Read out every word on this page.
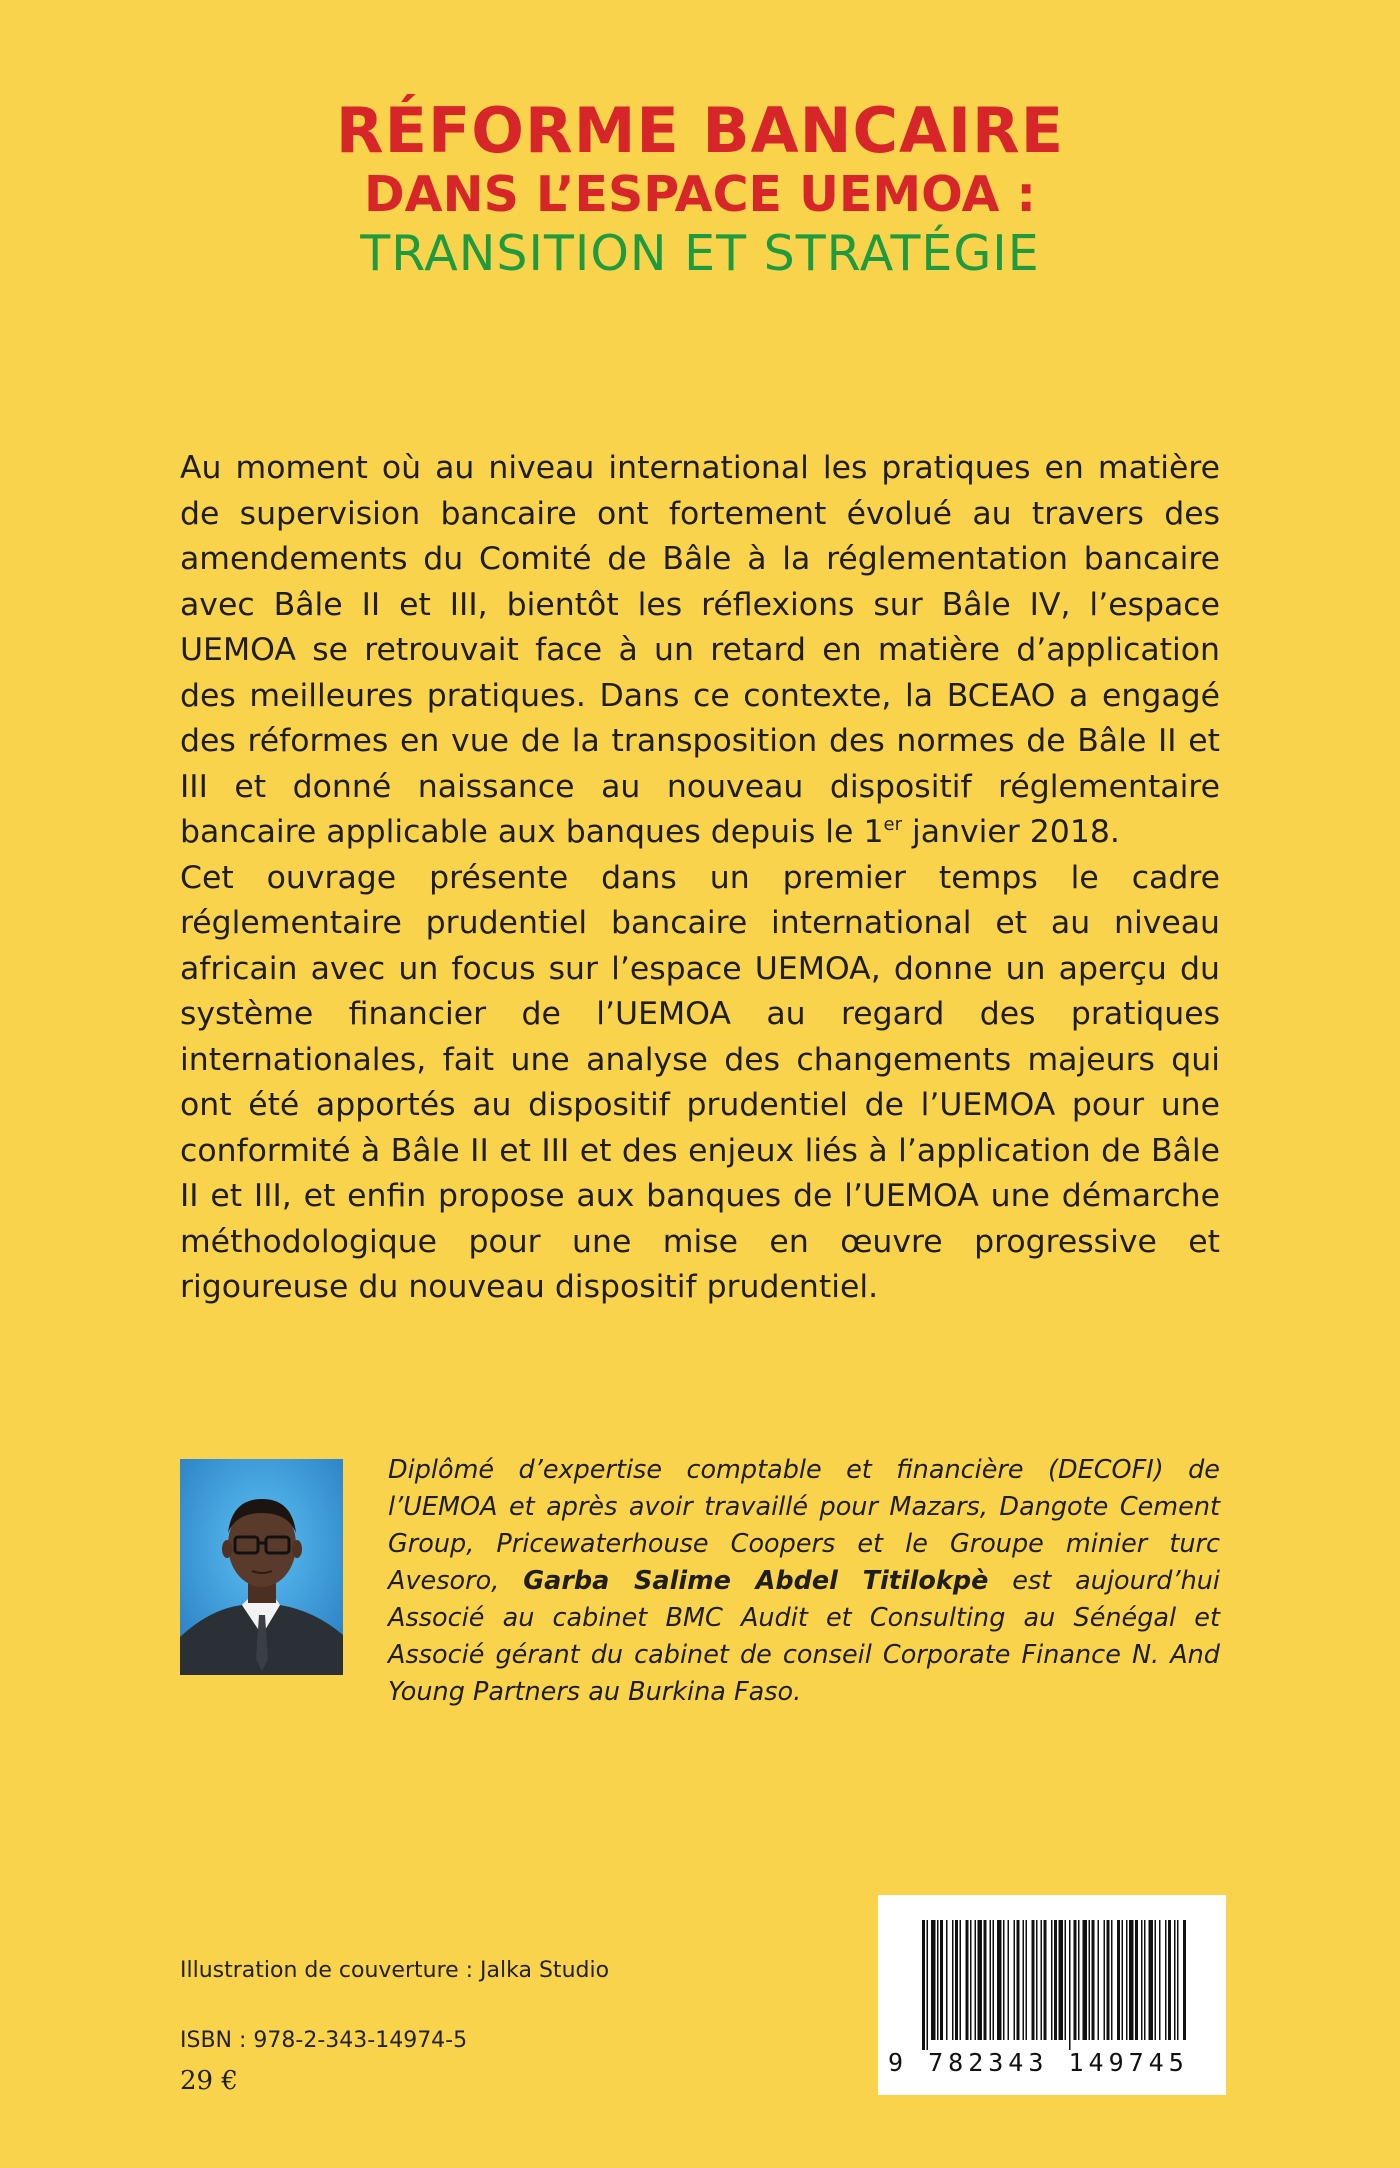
RÉFORME BANCAIRE
DANS L’ESPACE UEMOA :
TRANSITION ET STRATÉGIE

Au moment où au niveau international les pratiques en matière de supervision bancaire ont fortement évolué au travers des amendements du Comité de Bâle à la réglementation bancaire avec Bâle II et III, bientôt les réflexions sur Bâle IV, l’espace UEMOA se retrouvait face à un retard en matière d’application des meilleures pratiques. Dans ce contexte, la BCEAO a engagé des réformes en vue de la transposition des normes de Bâle II et III et donné naissance au nouveau dispositif réglementaire bancaire applicable aux banques depuis le 1er janvier 2018.

Cet ouvrage présente dans un premier temps le cadre réglementaire prudentiel bancaire international et au niveau africain avec un focus sur l’espace UEMOA, donne un aperçu du système financier de l’UEMOA au regard des pratiques internationales, fait une analyse des changements majeurs qui ont été apportés au dispositif prudentiel de l’UEMOA pour une conformité à Bâle II et III et des enjeux liés à l’application de Bâle II et III, et enfin propose aux banques de l’UEMOA une démarche méthodologique pour une mise en œuvre progressive et rigoureuse du nouveau dispositif prudentiel.

Diplômé d’expertise comptable et financière (DECOFI) de l’UEMOA et après avoir travaillé pour Mazars, Dangote Cement Group, Pricewaterhouse Coopers et le Groupe minier turc Avesoro, Garba Salime Abdel Titilokpè est aujourd’hui Associé au cabinet BMC Audit et Consulting au Sénégal et Associé gérant du cabinet de conseil Corporate Finance N. And Young Partners au Burkina Faso.
Illustration de couverture : Jalka Studio
ISBN : 978-2-343-14974-5
29 €
9 782343 149745
